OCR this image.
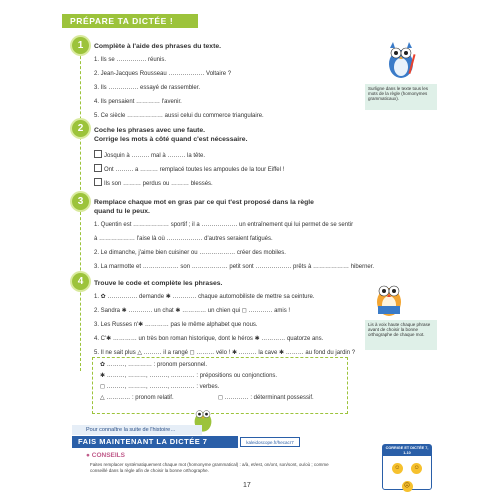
PRÉPARE TA DICTÉE !
1	Complète à l'aide des phrases du texte.
1. Ils se …………… réunis.
2. Jean-Jacques Rousseau ……………… Voltaire ?
3. Ils …………… essayé de rassembler.
4. Ils pensaient ………… l'avenir.
5. Ce siècle ……………… aussi celui du commerce triangulaire.
Surligne dans le texte tous les mots de la règle (homonymes grammaticaux).
2	Coche les phrases avec une faute.
Corrige les mots à côté quand c'est nécessaire.
Josquin à ……… mal à ……… la tête.
Ont ……… a ……… remplacé toutes les ampoules de la tour Eiffel !
Ils son ……… perdus ou ……… blessés.
3	Remplace chaque mot en gras par ce qui t'est proposé dans la règle
quand tu le peux.
1. Quentin est ……………… sportif ; il a ……………… un entraînement qui lui permet de se sentir
à ……………… l'aise là où ……………… d'autres seraient fatigués.
2. Le dimanche, j'aime bien cuisiner ou ……………… créer des mobiles.
3. La marmotte et ……………… son ……………… petit sont ……………… prêts à ……………… hiberner.
4	Trouve le code et complète les phrases.
1. ✿ …………… demande ✱ ………… chaque automobiliste de mettre sa ceinture.
2. Sandra ✱ ………… un chat ✱ ………… un chien qui ◻ ………… amis !
3. Les Russes n'✱ ………… pas le même alphabet que nous.
4. C'✱ ………… un très bon roman historique, dont le héros ✱ ………… quatorze ans.
5. Il ne sait plus △ ……… il a rangé ◻ ……… vélo ! ✱ ……… la cave ✱ ……… au fond du jardin ?
✿ ………, ………… : pronom personnel.
✱ ………, ………, ………, ………… : prépositions ou conjonctions.
◻ ………, ………, ………, ………… : verbes.
△ ………… : pronom relatif.	◻ ………… : déterminant possessif.
Lis à voix haute chaque phrase avant de choisir la bonne orthographe de chaque mot.
Pour connaître la suite de l'histoire…
FAIS MAINTENANT LA DICTÉE 7	kaleidoscope.fr/hecacr7
● CONSEILS
Faites remplacer systématiquement chaque mot (homonyme grammatical) : a/à, et/est, on/ont, son/sont, ou/où ; comme conseillé dans la règle afin de choisir la bonne orthographe.
CORRIGE ET DICTÉE 7, 1-10
☺ ☺ ☹
17
